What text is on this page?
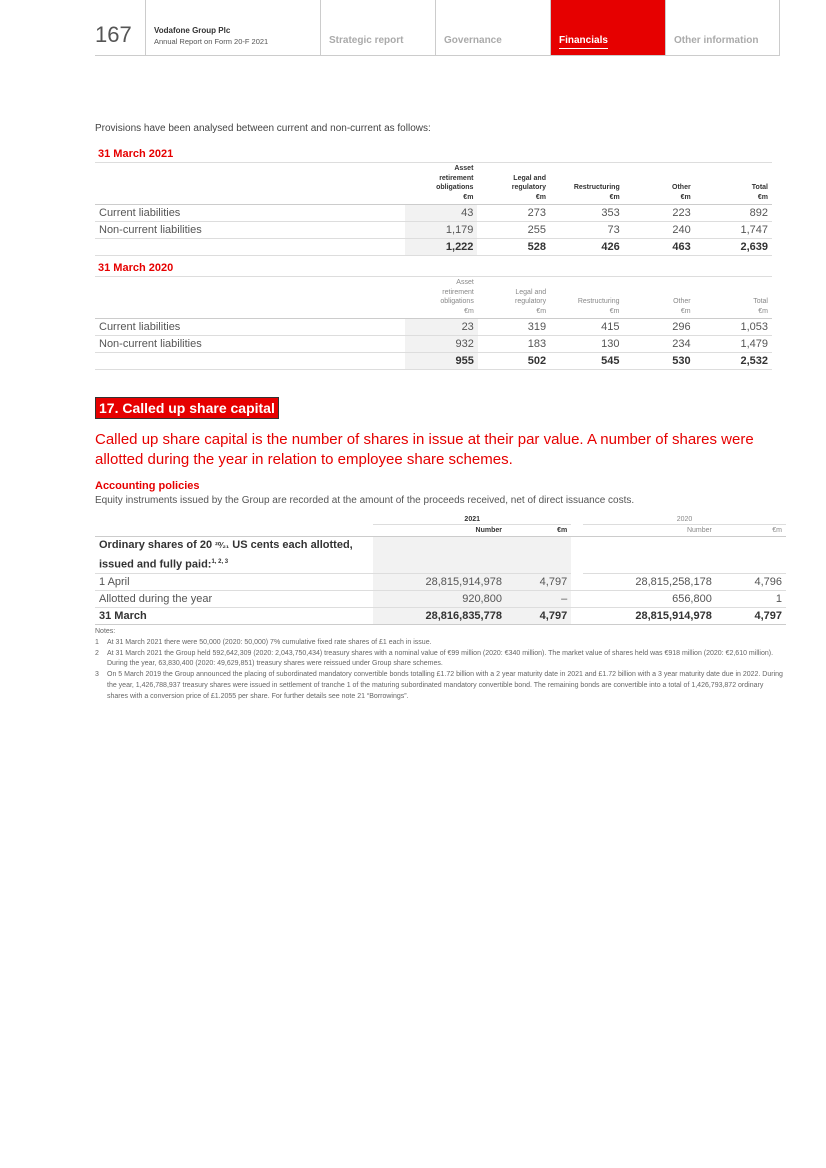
167	Vodafone Group Plc
Annual Report on Form 20-F 2021	Strategic report	Governance	Financials	Other information
Provisions have been analysed between current and non-current as follows:
31 March 2021
	Asset
retirement
obligations
€m	Legal and
regulatory
€m	Restructuring
€m	Other
€m	Total
€m
Current liabilities	43	273	353	223	892
Non-current liabilities	1,179	255	73	240	1,747
	1,222	528	426	463	2,639
31 March 2020
	Asset
retirement
obligations
€m	Legal and
regulatory
€m	Restructuring
€m	Other
€m	Total
€m
Current liabilities	23	319	415	296	1,053
Non-current liabilities	932	183	130	234	1,479
	955	502	545	530	2,532
17. Called up share capital
Called up share capital is the number of shares in issue at their par value. A number of shares were allotted during the year in relation to employee share schemes.
Accounting policies
Equity instruments issued by the Group are recorded at the amount of the proceeds received, net of direct issuance costs.
	2021			2020	
	Number	€m		Number	€m
Ordinary shares of 20 ²⁰⁄₂₁ US cents each allotted, issued and fully paid:$^{1, 2, 3}$					
1 April	28,815,914,978	4,797		28,815,258,178	4,796
Allotted during the year	920,800	–		656,800	1
31 March	28,816,835,778	4,797		28,815,914,978	4,797
Notes:
1	At 31 March 2021 there were 50,000 (2020: 50,000) 7% cumulative fixed rate shares of £1 each in issue.
2	At 31 March 2021 the Group held 592,642,309 (2020: 2,043,750,434) treasury shares with a nominal value of €99 million (2020: €340 million). The market value of shares held was €918 million (2020: €2,610 million). During the year, 63,830,400 (2020: 49,629,851) treasury shares were reissued under Group share schemes.
3	On 5 March 2019 the Group announced the placing of subordinated mandatory convertible bonds totalling £1.72 billion with a 2 year maturity date in 2021 and £1.72 billion with a 3 year maturity date due in 2022. During the year, 1,426,788,937 treasury shares were issued in settlement of tranche 1 of the maturing subordinated mandatory convertible bond. The remaining bonds are convertible into a total of 1,426,793,872 ordinary shares with a conversion price of £1.2055 per share. For further details see note 21 “Borrowings”.
